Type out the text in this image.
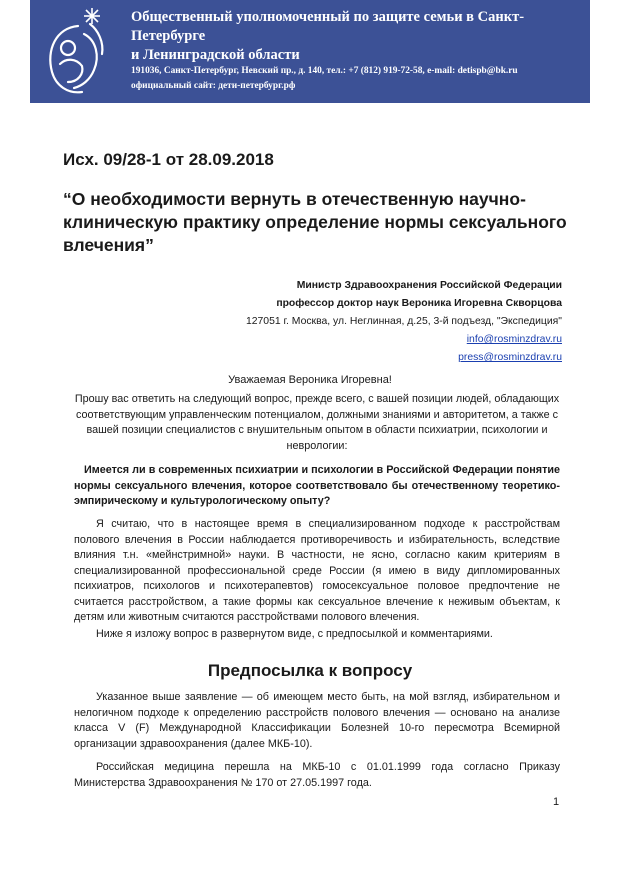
Общественный уполномоченный по защите семьи в Санкт-Петербурге
и Ленинградской области
191036, Санкт-Петербург, Невский пр., д. 140, тел.: +7 (812) 919-72-58, e-mail: detispb@bk.ru
официальный сайт: дети-петербург.рф

Исх. 09/28-1 от 28.09.2018

“О необходимости вернуть в отечественную научно-клиническую практику определение нормы сексуального влечения”

Министр Здравоохранения Российской Федерации
профессор доктор наук Вероника Игоревна Скворцова
127051 г. Москва, ул. Неглинная, д.25, 3-й подъезд, "Экспедиция"
info@rosminzdrav.ru
press@rosminzdrav.ru
Уважаемая Вероника Игоревна!

Прошу вас ответить на следующий вопрос, прежде всего, с вашей позиции людей, обладающих соответствующим управленческим потенциалом, должными знаниями и авторитетом, а также с вашей позиции специалистов с внушительным опытом в области психиатрии, психологии и неврологии:

Имеется ли в современных психиатрии и психологии в Российской Федерации понятие нормы сексуального влечения, которое соответствовало бы отечественному теоретико-эмпирическому и культурологическому опыту?

Я считаю, что в настоящее время в специализированном подходе к расстройствам полового влечения в России наблюдается противоречивость и избирательность, вследствие влияния т.н. «мейнстримной» науки. В частности, не ясно, согласно каким критериям в специализированной профессиональной среде России (я имею в виду дипломированных психиатров, психологов и психотерапевтов) гомосексуальное половое предпочтение не считается расстройством, а такие формы как сексуальное влечение к неживым объектам, к детям или животным считаются расстройствами полового влечения.

Ниже я изложу вопрос в развернутом виде, с предпосылкой и комментариями.

Предпосылка к вопросу

Указанное выше заявление — об имеющем место быть, на мой взгляд, избирательном и нелогичном подходе к определению расстройств полового влечения — основано на анализе класса V (F) Международной Классификации Болезней 10-го пересмотра Всемирной организации здравоохранения (далее МКБ-10).

Российская медицина перешла на МКБ-10 с 01.01.1999 года согласно Приказу Министерства Здравоохранения № 170 от 27.05.1997 года.

1
